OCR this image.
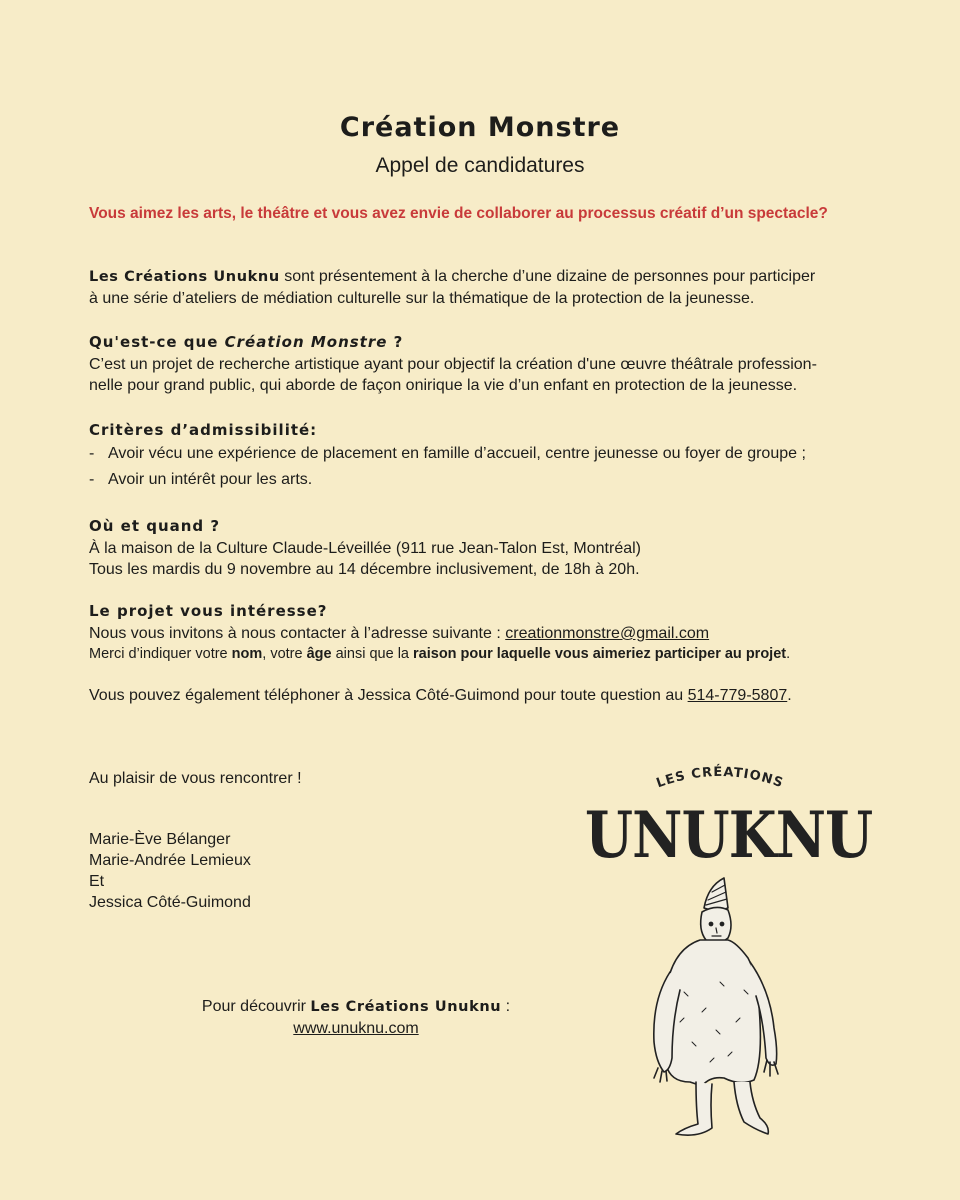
Création Monstre

Appel de candidatures

Vous aimez les arts, le théâtre et vous avez envie de collaborer au processus créatif d’un spectacle?

Les Créations Unuknu sont présentement à la cherche d’une dizaine de personnes pour participer

à une série d’ateliers de médiation culturelle sur la thématique de la protection de la jeunesse.

Qu'est-ce que Création Monstre ?

C’est un projet de recherche artistique ayant pour objectif la création d'une œuvre théâtrale profession-

nelle pour grand public, qui aborde de façon onirique la vie d’un enfant en protection de la jeunesse.

Critères d’admissibilité:

- Avoir vécu une expérience de placement en famille d’accueil, centre jeunesse ou foyer de groupe ;
- Avoir un intérêt pour les arts.

Où et quand ?

À la maison de la Culture Claude-Léveillée (911 rue Jean-Talon Est, Montréal)

Tous les mardis du 9 novembre au 14 décembre inclusivement, de 18h à 20h.

Le projet vous intéresse?

Nous vous invitons à nous contacter à l’adresse suivante : creationmonstre@gmail.com

Merci d’indiquer votre nom, votre âge ainsi que la raison pour laquelle vous aimeriez participer au projet.

Vous pouvez également téléphoner à Jessica Côté-Guimond pour toute question au 514-779-5807.

Au plaisir de vous rencontrer !

Marie-Ève Bélanger
Marie-Andrée Lemieux
Et
Jessica Côté-Guimond

Pour découvrir Les Créations Unuknu :

www.unuknu.com

LES CRÉATIONS
UNUKNU
